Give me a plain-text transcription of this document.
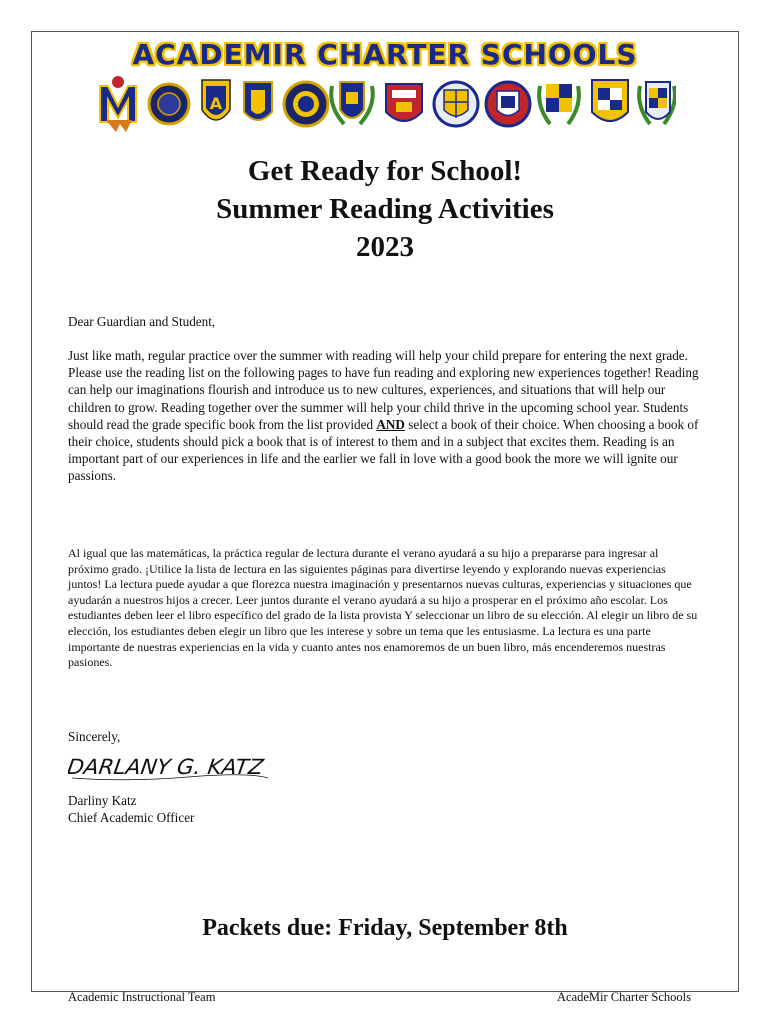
ACADEMIR CHARTER SCHOOLS
A
Get Ready for School!
Summer Reading Activities
2023
Dear Guardian and Student,
Just like math, regular practice over the summer with reading will help your child prepare for entering the next grade. Please use the reading list on the following pages to have fun reading and exploring new experiences together! Reading can help our imaginations flourish and introduce us to new cultures, experiences, and situations that will help our children to grow. Reading together over the summer will help your child thrive in the upcoming school year. Students should read the grade specific book from the list provided AND select a book of their choice. When choosing a book of their choice, students should pick a book that is of interest to them and in a subject that excites them. Reading is an important part of our experiences in life and the earlier we fall in love with a good book the more we will ignite our passions.
Al igual que las matemáticas, la práctica regular de lectura durante el verano ayudará a su hijo a prepararse para ingresar al próximo grado. ¡Utilice la lista de lectura en las siguientes páginas para divertirse leyendo y explorando nuevas experiencias juntos! La lectura puede ayudar a que florezca nuestra imaginación y presentarnos nuevas culturas, experiencias y situaciones que ayudarán a nuestros hijos a crecer. Leer juntos durante el verano ayudará a su hijo a prosperar en el próximo año escolar. Los estudiantes deben leer el libro específico del grado de la lista provista Y seleccionar un libro de su elección. Al elegir un libro de su elección, los estudiantes deben elegir un libro que les interese y sobre un tema que les entusiasme. La lectura es una parte importante de nuestras experiencias en la vida y cuanto antes nos enamoremos de un buen libro, más encenderemos nuestras pasiones.
Sincerely,
DARLANY G. KATZ
Darliny Katz
Chief Academic Officer
Packets due: Friday, September 8th
Academic Instructional Team	AcadeMir Charter Schools
